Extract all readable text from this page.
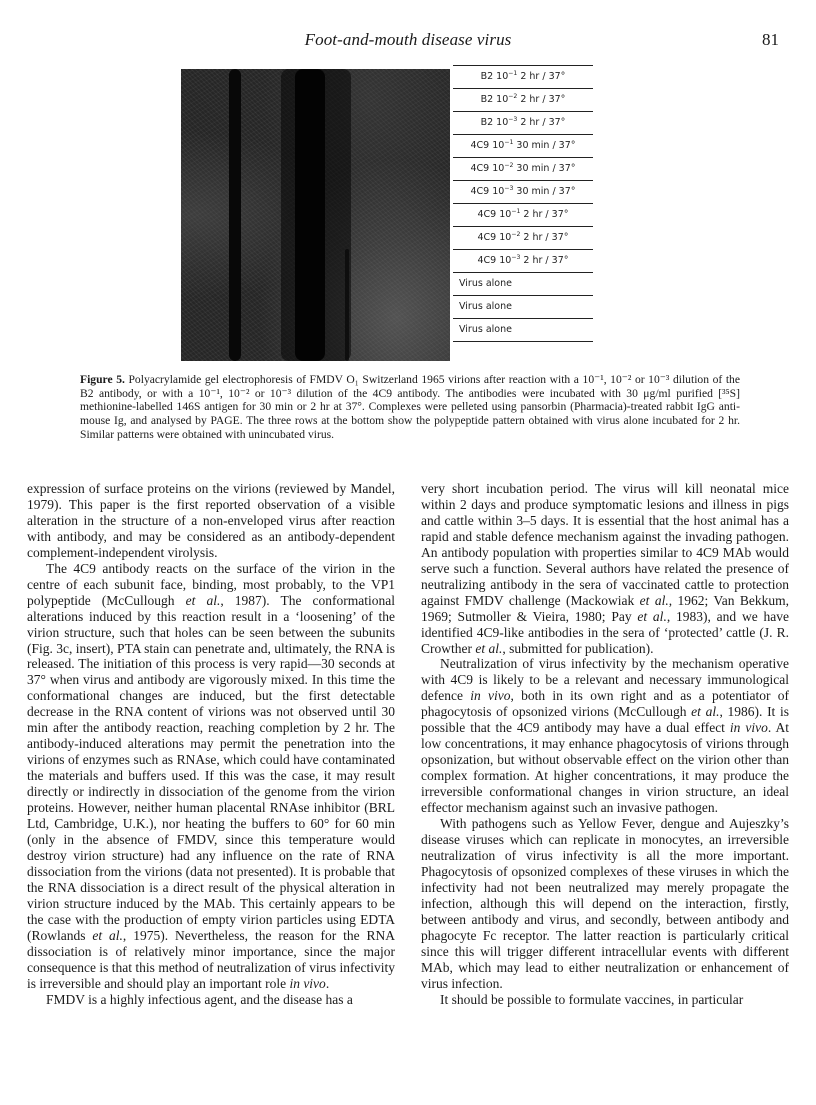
Foot-and-mouth disease virus	81
B2 $10^{-1}$ 2 hr / 37°
B2 $10^{-2}$ 2 hr / 37°
B2 $10^{-3}$ 2 hr / 37°
4C9 $10^{-1}$ 30 min / 37°
4C9 $10^{-2}$ 30 min / 37°
4C9 $10^{-3}$ 30 min / 37°
4C9 $10^{-1}$ 2 hr / 37°
4C9 $10^{-2}$ 2 hr / 37°
4C9 $10^{-3}$ 2 hr / 37°
Virus alone
Virus alone
Virus alone
Figure 5. Polyacrylamide gel electrophoresis of FMDV O₁ Switzerland 1965 virions after reaction with a 10⁻¹, 10⁻² or 10⁻³ dilution of the B2 antibody, or with a 10⁻¹, 10⁻² or 10⁻³ dilution of the 4C9 antibody. The antibodies were incubated with 30 μg/ml purified [³⁵S] methionine-labelled 146S antigen for 30 min or 2 hr at 37°. Complexes were pelleted using pansorbin (Pharmacia)-treated rabbit IgG anti-mouse Ig, and analysed by PAGE. The three rows at the bottom show the polypeptide pattern obtained with virus alone incubated for 2 hr. Similar patterns were obtained with unincubated virus.

expression of surface proteins on the virions (reviewed by Mandel, 1979). This paper is the first reported observation of a visible alteration in the structure of a non-enveloped virus after reaction with antibody, and may be considered as an antibody-dependent complement-independent virolysis.

The 4C9 antibody reacts on the surface of the virion in the centre of each subunit face, binding, most probably, to the VP1 polypeptide (McCullough et al., 1987). The conformational alterations induced by this reaction result in a ‘loosening’ of the virion structure, such that holes can be seen between the subunits (Fig. 3c, insert), PTA stain can penetrate and, ultimately, the RNA is released. The initiation of this process is very rapid—30 seconds at 37° when virus and antibody are vigorously mixed. In this time the conformational changes are induced, but the first detectable decrease in the RNA content of virions was not observed until 30 min after the antibody reaction, reaching completion by 2 hr. The antibody-induced alterations may permit the penetration into the virions of enzymes such as RNAse, which could have contaminated the materials and buffers used. If this was the case, it may result directly or indirectly in dissociation of the genome from the virion proteins. However, neither human placental RNAse inhibitor (BRL Ltd, Cambridge, U.K.), nor heating the buffers to 60° for 60 min (only in the absence of FMDV, since this temperature would destroy virion structure) had any influence on the rate of RNA dissociation from the virions (data not presented). It is probable that the RNA dissociation is a direct result of the physical alteration in virion structure induced by the MAb. This certainly appears to be the case with the production of empty virion particles using EDTA (Rowlands et al., 1975). Nevertheless, the reason for the RNA dissociation is of relatively minor importance, since the major consequence is that this method of neutralization of virus infectivity is irreversible and should play an important role in vivo.

FMDV is a highly infectious agent, and the disease has a

very short incubation period. The virus will kill neonatal mice within 2 days and produce symptomatic lesions and illness in pigs and cattle within 3–5 days. It is essential that the host animal has a rapid and stable defence mechanism against the invading pathogen. An antibody population with properties similar to 4C9 MAb would serve such a function. Several authors have related the presence of neutralizing antibody in the sera of vaccinated cattle to protection against FMDV challenge (Mackowiak et al., 1962; Van Bekkum, 1969; Sutmoller & Vieira, 1980; Pay et al., 1983), and we have identified 4C9-like antibodies in the sera of ‘protected’ cattle (J. R. Crowther et al., submitted for publication).

Neutralization of virus infectivity by the mechanism operative with 4C9 is likely to be a relevant and necessary immunological defence in vivo, both in its own right and as a potentiator of phagocytosis of opsonized virions (McCullough et al., 1986). It is possible that the 4C9 antibody may have a dual effect in vivo. At low concentrations, it may enhance phagocytosis of virions through opsonization, but without observable effect on the virion other than complex formation. At higher concentrations, it may produce the irreversible conformational changes in virion structure, an ideal effector mechanism against such an invasive pathogen.

With pathogens such as Yellow Fever, dengue and Aujeszky’s disease viruses which can replicate in monocytes, an irreversible neutralization of virus infectivity is all the more important. Phagocytosis of opsonized complexes of these viruses in which the infectivity had not been neutralized may merely propagate the infection, although this will depend on the interaction, firstly, between antibody and virus, and secondly, between antibody and phagocyte Fc receptor. The latter reaction is particularly critical since this will trigger different intracellular events with different MAb, which may lead to either neutralization or enhancement of virus infection.

It should be possible to formulate vaccines, in particular
